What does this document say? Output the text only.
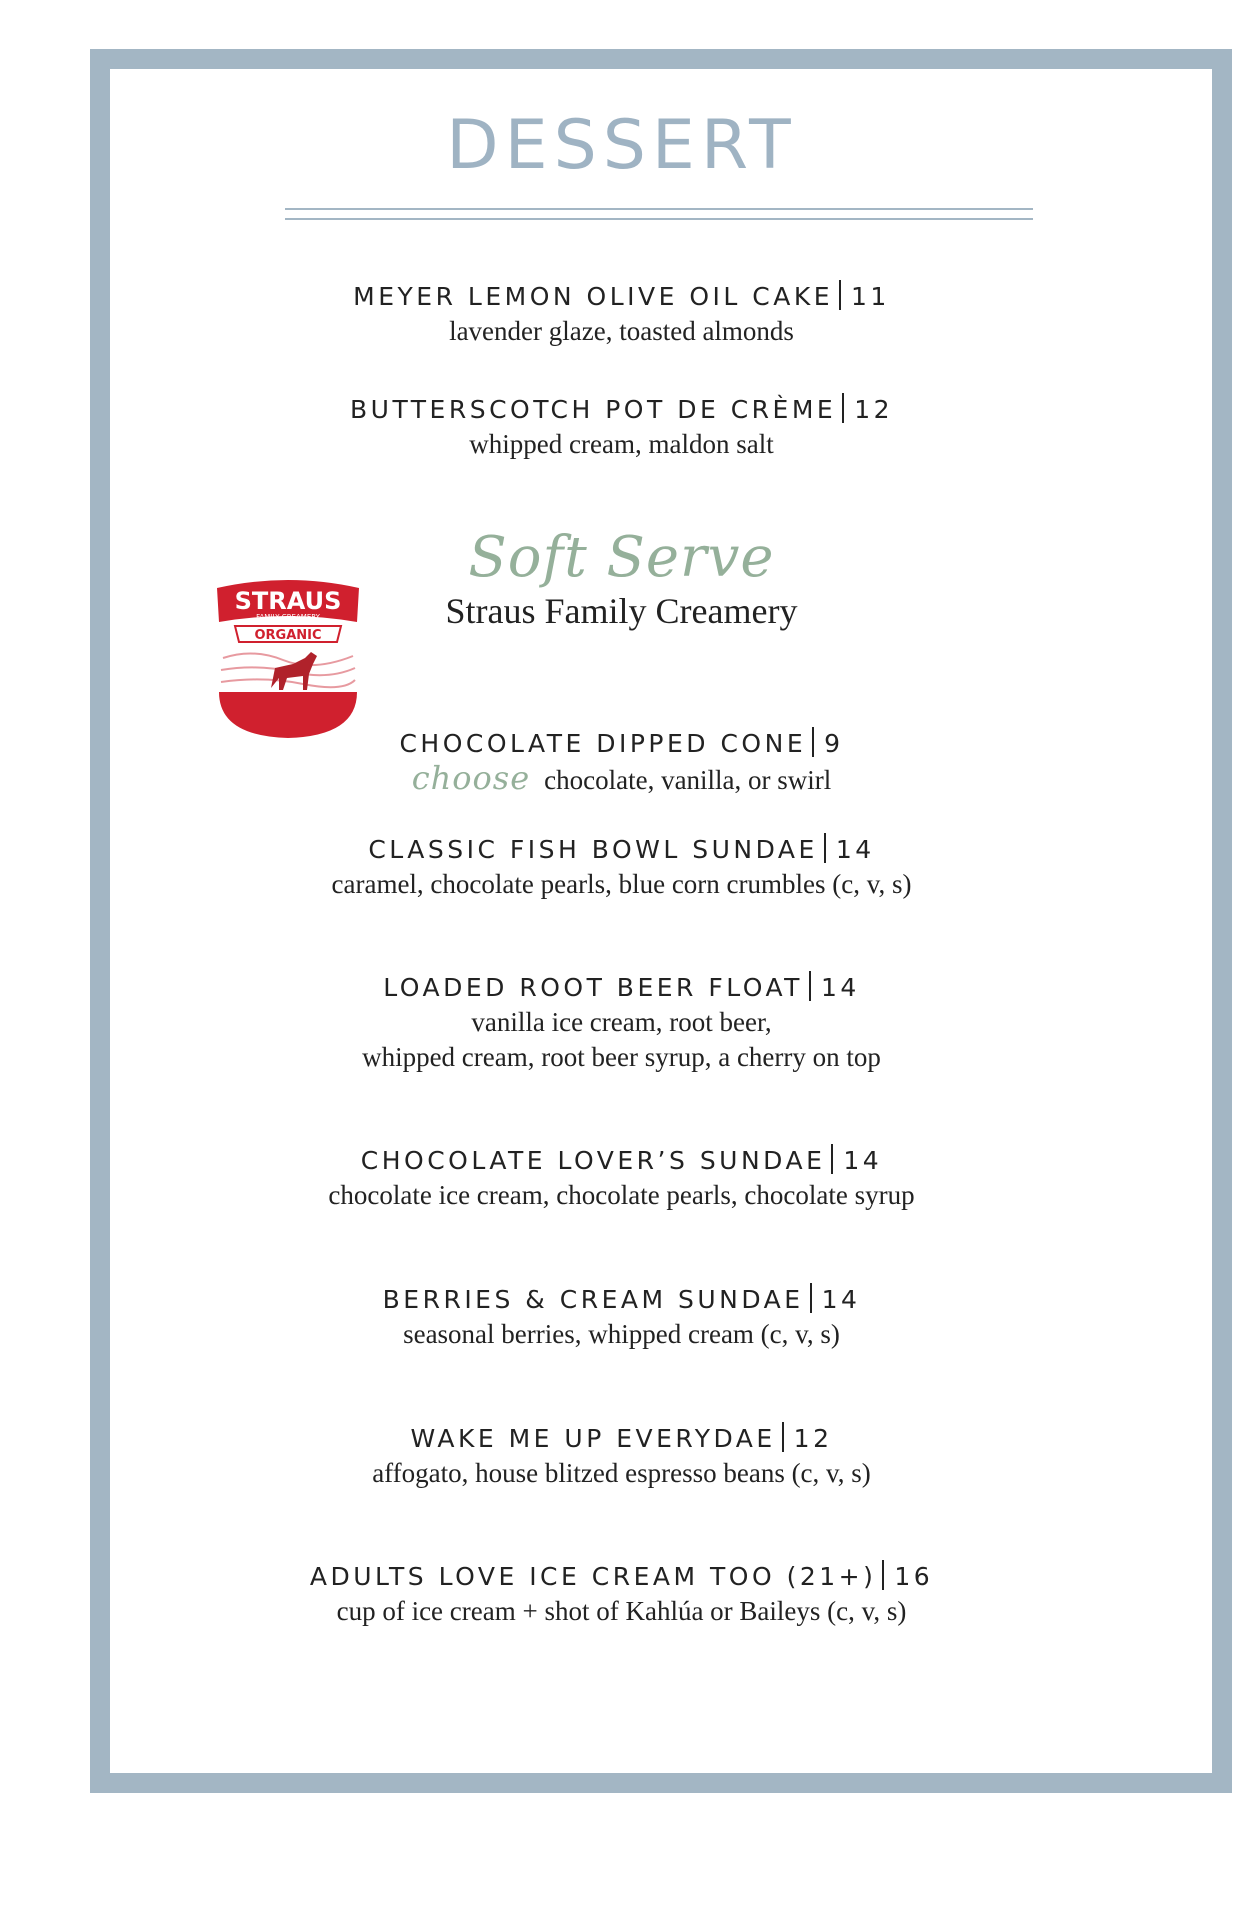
DESSERT
MEYER LEMON OLIVE OIL CAKE 11
lavender glaze, toasted almonds
BUTTERSCOTCH POT DE CRÈME 12
whipped cream, maldon salt
Soft Serve
Straus Family Creamery
STRAUS
FAMILY CREAMERY
ORGANIC
CHOCOLATE DIPPED CONE 9
choose chocolate, vanilla, or swirl
CLASSIC FISH BOWL SUNDAE 14
caramel, chocolate pearls, blue corn crumbles (c, v, s)
LOADED ROOT BEER FLOAT 14
vanilla ice cream, root beer,
whipped cream, root beer syrup, a cherry on top
CHOCOLATE LOVER’S SUNDAE 14
chocolate ice cream, chocolate pearls, chocolate syrup
BERRIES & CREAM SUNDAE 14
seasonal berries, whipped cream (c, v, s)
WAKE ME UP EVERYDAE 12
affogato, house blitzed espresso beans (c, v, s)
ADULTS LOVE ICE CREAM TOO (21+) 16
cup of ice cream + shot of Kahlúa or Baileys (c, v, s)
